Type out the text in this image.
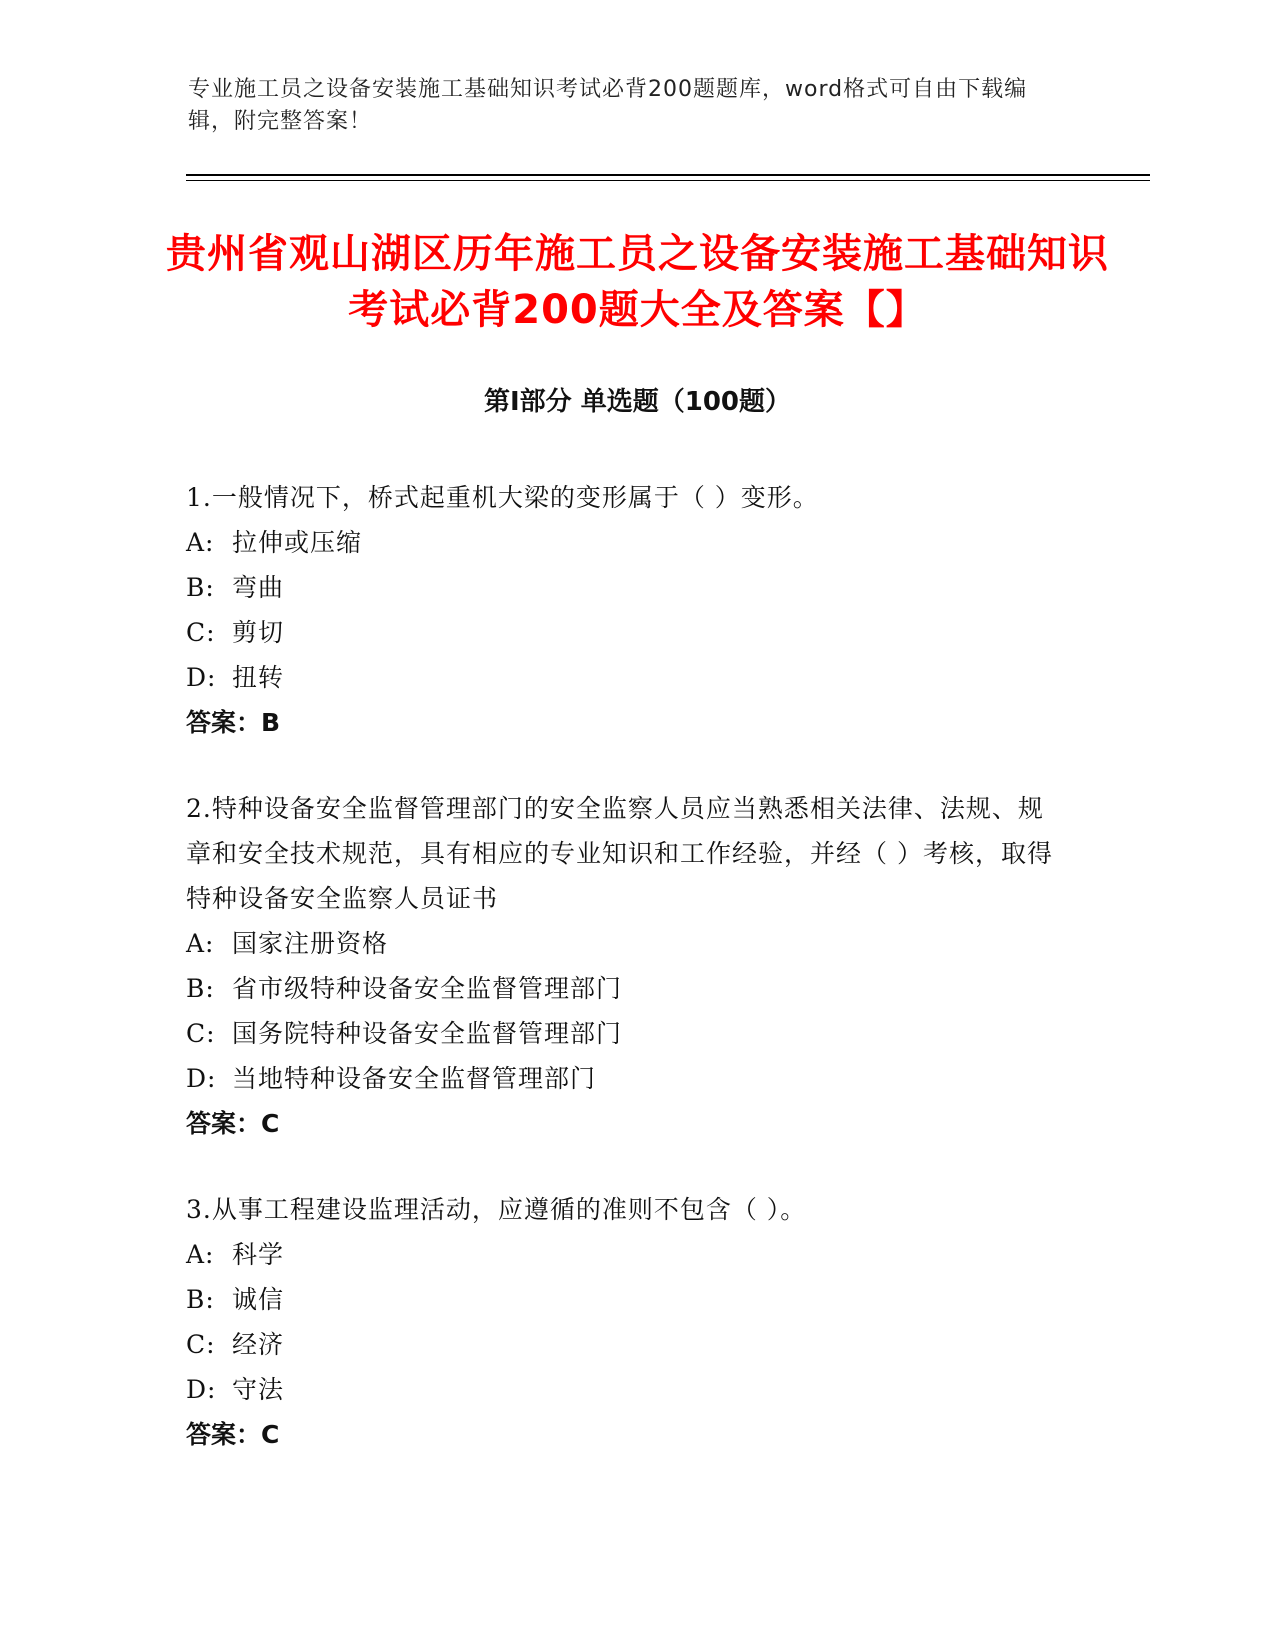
专业施工员之设备安装施工基础知识考试必背200题题库，word格式可自由下载编辑，附完整答案！
贵州省观山湖区历年施工员之设备安装施工基础知识考试必背200题大全及答案【】
第Ⅰ部分 单选题（100题）

1.一般情况下，桥式起重机大梁的变形属于（ ）变形。

A: 拉伸或压缩
B: 弯曲
C: 剪切
D: 扭转
答案：B

2.特种设备安全监督管理部门的安全监察人员应当熟悉相关法律、法规、规章和安全技术规范，具有相应的专业知识和工作经验，并经（ ）考核，取得特种设备安全监察人员证书

A: 国家注册资格
B: 省市级特种设备安全监督管理部门
C: 国务院特种设备安全监督管理部门
D: 当地特种设备安全监督管理部门
答案：C

3.从事工程建设监理活动，应遵循的准则不包含（ ）。

A: 科学
B: 诚信
C: 经济
D: 守法
答案：C
